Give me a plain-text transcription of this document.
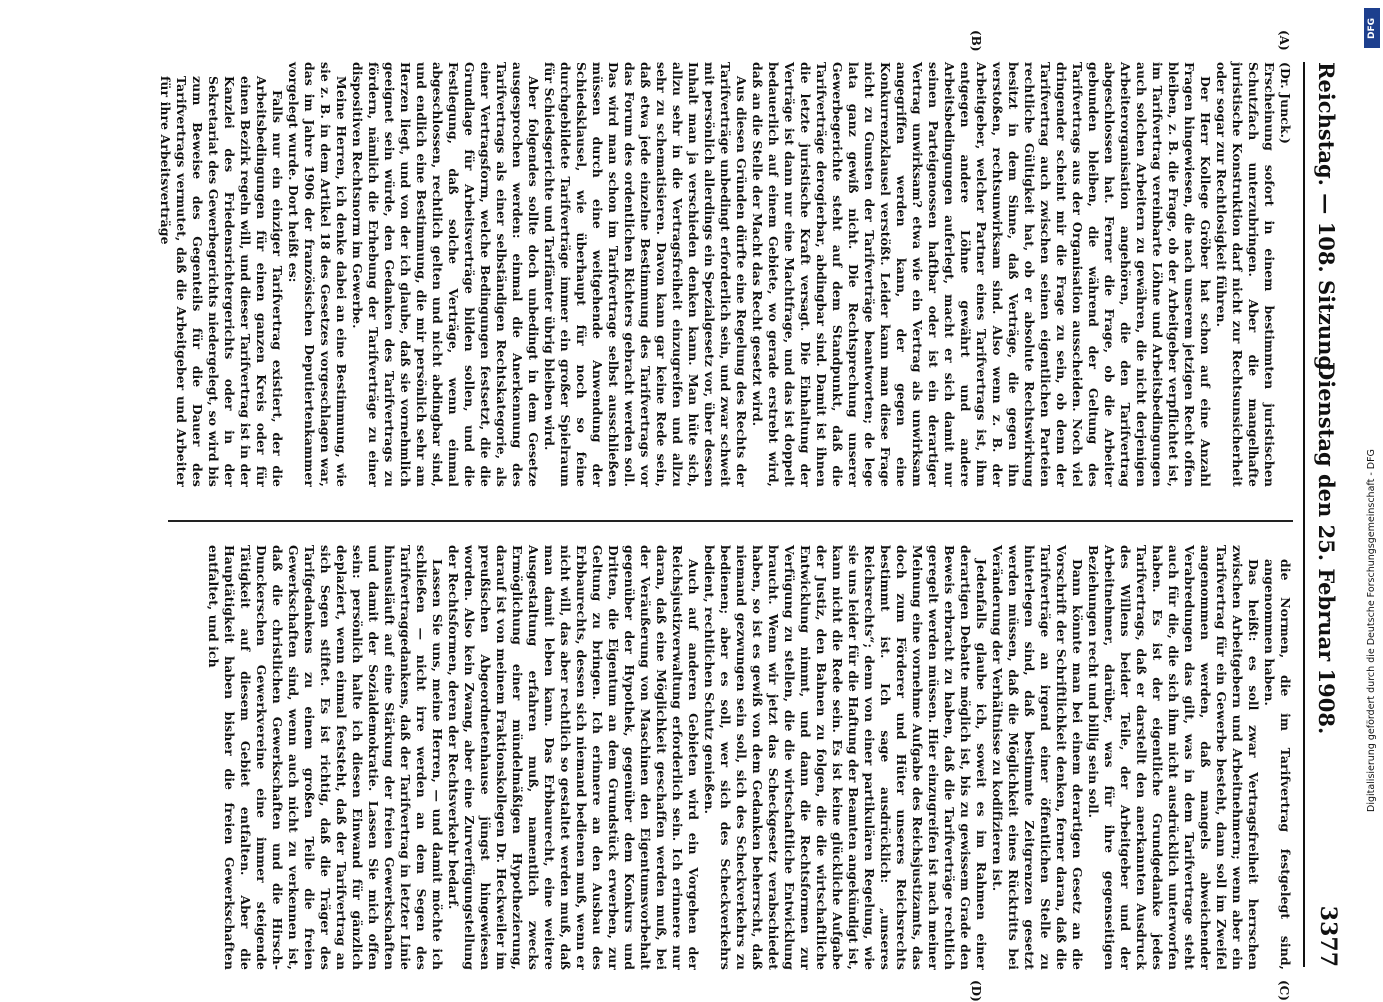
Reichstag. — 108. Sitzung.
Dienstag den 25. Februar 1908.
3377
(A)
(B)
(C)
(D)

(Dr. Junck.)

Erscheinung sofort in einem bestimmten juristischen Schutzfach unterzubringen. Aber die mangelhafte juristische Konstruktion darf nicht zur Rechtsunsicherheit oder sogar zur Rechtlosigkeit führen.

Der Herr Kollege Gröber hat schon auf eine Anzahl Fragen hingewiesen, die nach unserem jetzigen Recht offen bleiben, z. B. die Frage, ob der Arbeitgeber verpflichtet ist, im Tarifvertrag vereinbarte Löhne und Arbeitsbedingungen auch solchen Arbeitern zu gewähren, die nicht derjenigen Arbeiterorganisation angehören, die den Tarifvertrag abgeschlossen hat. Ferner die Frage, ob die Arbeiter gebunden bleiben, die während der Geltung des Tarifvertrags aus der Organisation ausscheiden. Noch viel dringender scheint mir die Frage zu sein, ob denn der Tarifvertrag auch zwischen seinen eigentlichen Parteien rechtliche Gültigkeit hat, ob er absolute Rechtswirkung besitzt in dem Sinne, daß Verträge, die gegen ihn verstoßen, rechtsunwirksam sind. Also wenn z. B. der Arbeitgeber, welcher Partner eines Tarifvertrags ist, ihm entgegen andere Löhne gewährt und andere Arbeitsbedingungen auferlegt, macht er sich damit nur seinen Parteigenossen haftbar oder ist ein derartiger Vertrag unwirksam? etwa wie ein Vertrag als unwirksam angegriffen werden kann, der gegen eine Konkurrenzklausel verstößt. Leider kann man diese Frage nicht zu Gunsten der Tarifverträge beantworten; de lege lata ganz gewiß nicht. Die Rechtsprechung unserer Gewerbegerichte steht auf dem Standpunkt, daß die Tarifverträge derogierbar, abdingbar sind. Damit ist ihnen die letzte juristische Kraft versagt. Die Einhaltung der Verträge ist dann nur eine Machtfrage, und das ist doppelt bedauerlich auf einem Gebiete, wo gerade erstrebt wird, daß an die Stelle der Macht das Recht gesetzt wird.

Aus diesen Gründen dürfte eine Regelung des Rechts der Tarifverträge unbedingt erforderlich sein, und zwar schweit mit persönlich allerdings ein Spezialgesetz vor, über dessen Inhalt man ja verschieden denken kann. Man hüte sich, allzu sehr in die Vertragsfreiheit einzugreifen und allzu sehr zu schematisieren. Davon kann gar keine Rede sein, daß etwa jede einzelne Bestimmung des Tarifvertrags vor das Forum des ordentlichen Richters gebracht werden soll. Das wird man schon im Tarifvertrage selbst ausschließen müssen durch eine weitgehende Anwendung der Schiedsklausel, wie überhaupt für noch so feine durchgebildete Tarifverträge immer ein großer Spielraum für Schiedsgerichte und Tarifämter übrig bleiben wird.

Aber folgendes sollte doch unbedingt in dem Gesetze ausgesprochen werden: einmal die Anerkennung des Tarifvertrags als einer selbständigen Rechtskategorie, als einer Vertragsform, welche Bedingungen festsetzt, die die Grundlage für Arbeitsverträge bilden sollen, und die Festlegung, daß solche Verträge, wenn einmal abgeschlossen, rechtlich gelten und nicht abdingbar sind, und endlich eine Bestimmung, die mir persönlich sehr am Herzen liegt, und von der ich glaube, daß sie vornehmlich geeignet sein würde, den Gedanken des Tarifvertrags zu fördern, nämlich die Erhebung der Tarifverträge zu einer dispositiven Rechtsnorm im Gewerbe.

Meine Herren, ich denke dabei an eine Bestimmung, wie sie z. B. in dem Artikel 18 des Gesetzes vorgeschlagen war, das im Jahre 1906 der französischen Deputiertenkammer vorgelegt wurde. Dort heißt es:

Falls nur ein einziger Tarifvertrag existiert, der die Arbeitsbedingungen für einen ganzen Kreis oder für einen Bezirk regeln will, und dieser Tarifvertrag ist in der Kanzlei des Friedensrichtergerichts oder in der Sekretariat des Gewerbegerichts niedergelegt, so wird bis zum Beweise des Gegenteils für die Dauer des Tarifvertrags vermutet, daß die Arbeitgeber und Arbeiter für ihre Arbeitsverträge

die Normen, die im Tarifvertrag festgelegt sind, angenommen haben.

Das heißt: es soll zwar Vertragsfreiheit herrschen zwischen Arbeitgebern und Arbeitnehmern; wenn aber ein Tarifvertrag für ein Gewerbe besteht, dann soll im Zweifel angenommen werden, daß mangels abweichender Verabredungen das gilt, was in dem Tarifvertrage steht auch für die, die sich ihm nicht ausdrücklich unterworfen haben. Es ist der eigentliche Grundgedanke jedes Tarifvertrags, daß er darstellt den anerkannten Ausdruck des Willens beider Teile, der Arbeitgeber und der Arbeitnehmer, darüber, was für ihre gegenseitigen Beziehungen recht und billig sein soll.

Dann könnte man bei einem derartigen Gesetz an die Vorschrift der Schriftlichkeit denken, ferner daran, daß die Tarifverträge an irgend einer öffentlichen Stelle zu hinterlegen sind, daß bestimmte Zeitgrenzen gesetzt werden müssen, daß die Möglichkeit eines Rücktritts bei Veränderung der Verhältnisse zu kodifizieren ist.

Jedenfalls glaube ich, soweit es im Rahmen einer derartigen Debatte möglich ist, bis zu gewissem Grade den Beweis erbracht zu haben, daß die Tarifverträge rechtlich geregelt werden müssen. Hier einzugreifen ist nach meiner Meinung eine vornehme Aufgabe des Reichsjustizamts, das doch zum Förderer und Hüter unseres Reichsrechts bestimmt ist. Ich sage ausdrücklich: „unseres Reichsrechts“; denn von einer partikulären Regelung, wie sie uns leider für die Haftung der Beamten angekündigt ist, kann nicht die Rede sein. Es ist keine glückliche Aufgabe der Justiz, den Bahnen zu folgen, die die wirtschaftliche Entwicklung nimmt, und dann die Rechtsformen zur Verfügung zu stellen, die die wirtschaftliche Entwicklung braucht. Wenn wir jetzt das Scheckgesetz verabschiedet haben, so ist es gewiß von dem Gedanken beherrscht, daß niemand gezwungen sein soll, sich des Scheckverkehrs zu bedienen; aber es soll, wer sich des Scheckverkehrs bedient, rechtlichen Schutz genießen.

Auch auf anderen Gebieten wird ein Vorgehen der Reichsjustizverwaltung erforderlich sein. Ich erinnere nur daran, daß eine Möglichkeit geschaffen werden muß, bei der Veräußerung von Maschinen den Eigentumsvorbehalt gegenüber der Hypothek, gegenüber dem Konkurs und Dritten, die Eigentum an dem Grundstück erwerben, zur Geltung zu bringen. Ich erinnere an den Ausbau des Erbbaurechts, dessen sich niemand bedienen muß, wenn er nicht will, das aber rechtlich so gestaltet werden muß, daß man damit leben kann. Das Erbbaurecht, eine weitere Ausgestaltung erfahren muß, namentlich zwecks Ermöglichung einer mündelmäßigen Hypothezierung, darauf ist von meinem Fraktionskollegen Dr. Heckweiler im preußischen Abgeordnetenhause jüngst hingewiesen worden. Also kein Zwang, aber eine Zurverfügungstellung der Rechtsformen, deren der Rechtsverkehr bedarf.

Lassen Sie uns, meine Herren, — und damit möchte ich schließen — nicht irre werden an dem Segen des Tarifvertraggedankens, daß der Tarifvertrag in letzter Linie hinausläuft auf eine Stärkung der freien Gewerkschaften und damit der Sozialdemokratie. Lassen Sie mich offen sein: persönlich halte ich diesen Einwand für gänzlich deplaziert, wenn einmal feststeht, daß der Tarifvertrag an sich Segen stiftet. Es ist richtig, daß die Träger des Tarifgedankens zu einem großen Teile die freien Gewerkschaften sind, wenn auch nicht zu verkennen ist, daß die christlichen Gewerkschaften und die Hirsch-Dunckerschen Gewerkvereine eine immer steigende Tätigkeit auf diesem Gebiet entfalten. Aber die Hauptätigkeit haben bisher die freien Gewerkschaften entfaltet, und ich

DFG
Digitalisierung gefördert durch die Deutsche Forschungsgemeinschaft - DFG
